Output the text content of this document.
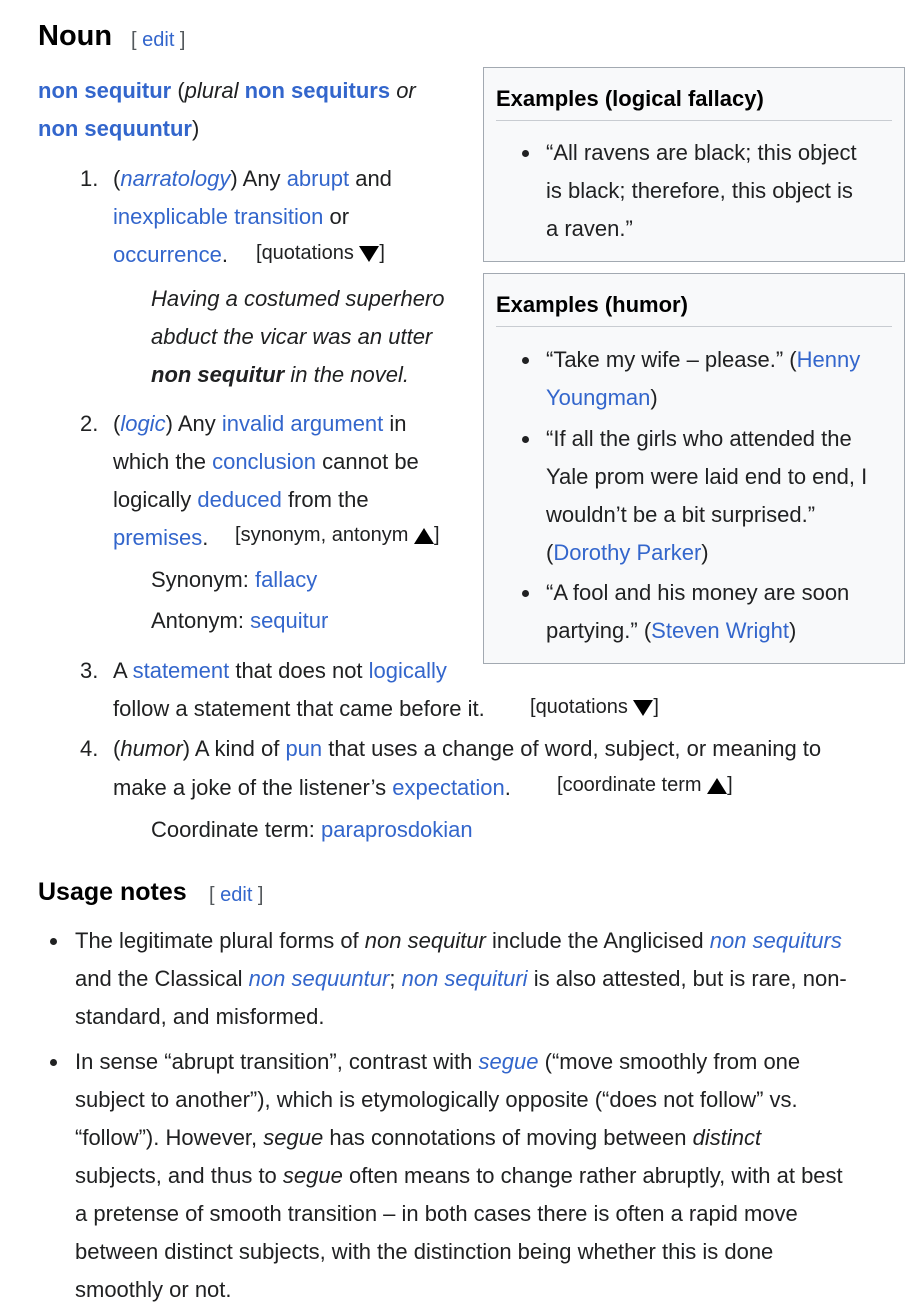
Noun [ edit ]
non sequitur (plural non sequiturs or
non sequuntur)
1. (narratology) Any abrupt and
inexplicable transition or
occurrence. [quotations ]
Having a costumed superhero
abduct the vicar was an utter
non sequitur in the novel.
2. (logic) Any invalid argument in
which the conclusion cannot be
logically deduced from the
premises. [synonym, antonym ]
Synonym: fallacy
Antonym: sequitur
3. A statement that does not logically
follow a statement that came before it. [quotations ]
4. (humor) A kind of pun that uses a change of word, subject, or meaning to
make a joke of the listener’s expectation. [coordinate term ]
Coordinate term: paraprosdokian
Examples (logical fallacy)
“All ravens are black; this object
is black; therefore, this object is
a raven.”
Examples (humor)
“Take my wife – please.” (Henny
Youngman)
“If all the girls who attended the
Yale prom were laid end to end, I
wouldn’t be a bit surprised.”
(Dorothy Parker)
“A fool and his money are soon
partying.” (Steven Wright)
Usage notes [ edit ]
The legitimate plural forms of non sequitur include the Anglicised non sequiturs
and the Classical non sequuntur; non sequituri is also attested, but is rare, non-
standard, and misformed.
In sense “abrupt transition”, contrast with segue (“move smoothly from one
subject to another”), which is etymologically opposite (“does not follow” vs.
“follow”). However, segue has connotations of moving between distinct
subjects, and thus to segue often means to change rather abruptly, with at best
a pretense of smooth transition – in both cases there is often a rapid move
between distinct subjects, with the distinction being whether this is done
smoothly or not.
